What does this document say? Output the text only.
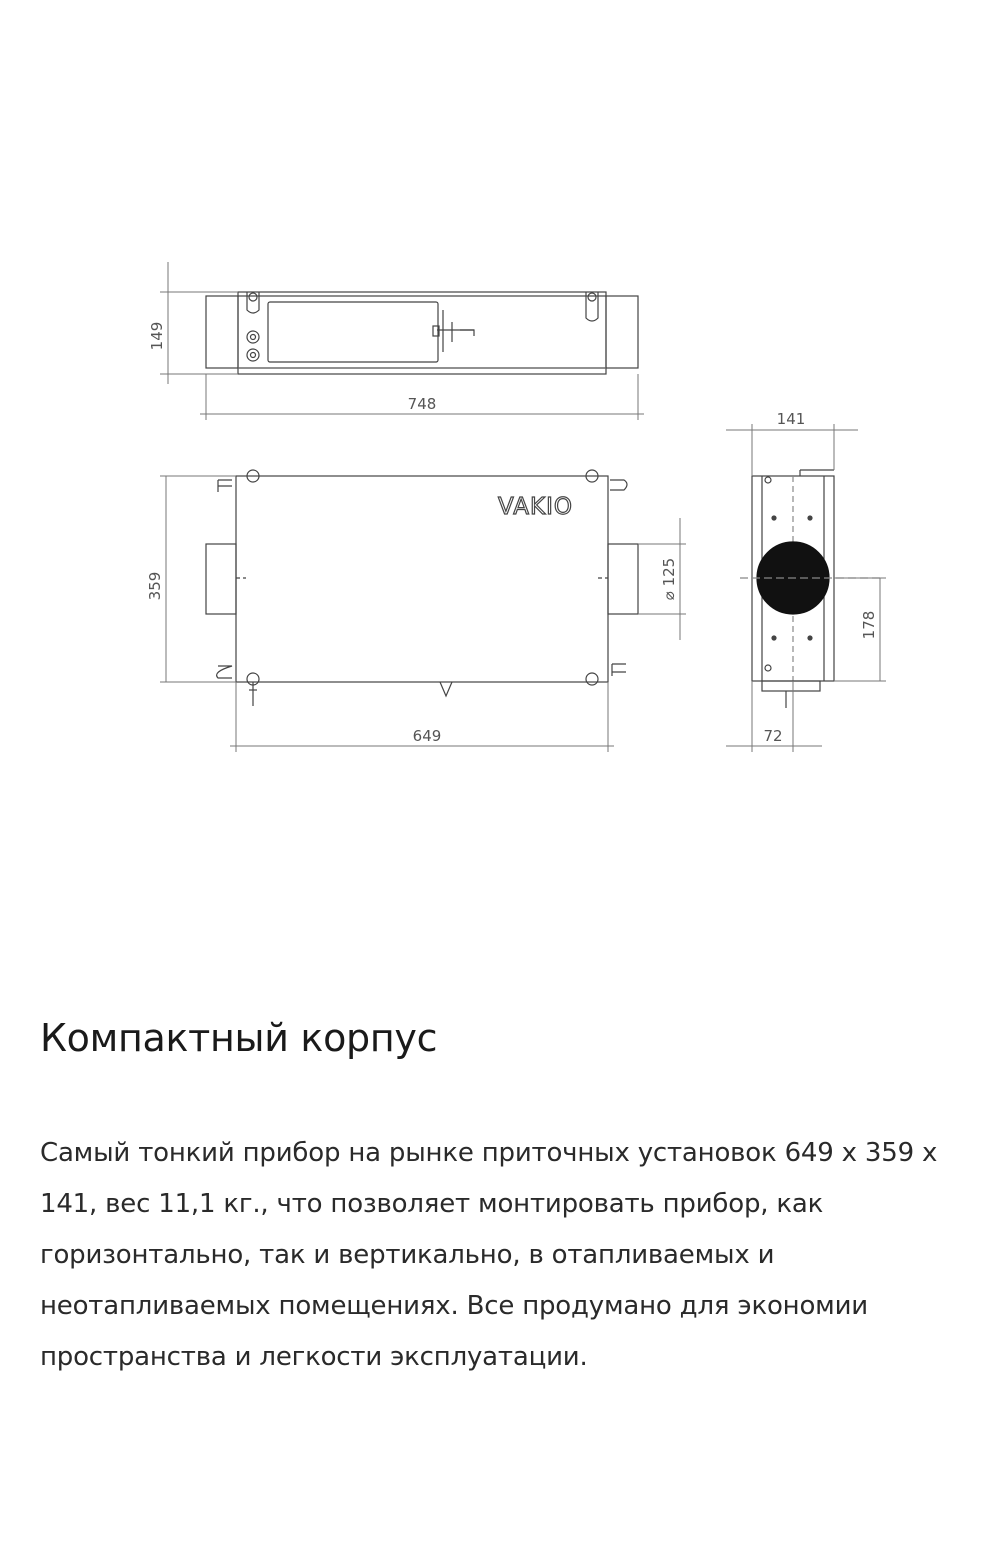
VAKIO
149
748
359
649
⌀ 125
141
178
72
Компактный корпус

Самый тонкий прибор на рынке приточных установок 649 х 359 х 141, вес 11,1 кг., что позволяет монтировать прибор, как горизонтально, так и вертикально, в отапливаемых и неотапливаемых помещениях. Все продумано для экономии пространства и легкости эксплуатации.
